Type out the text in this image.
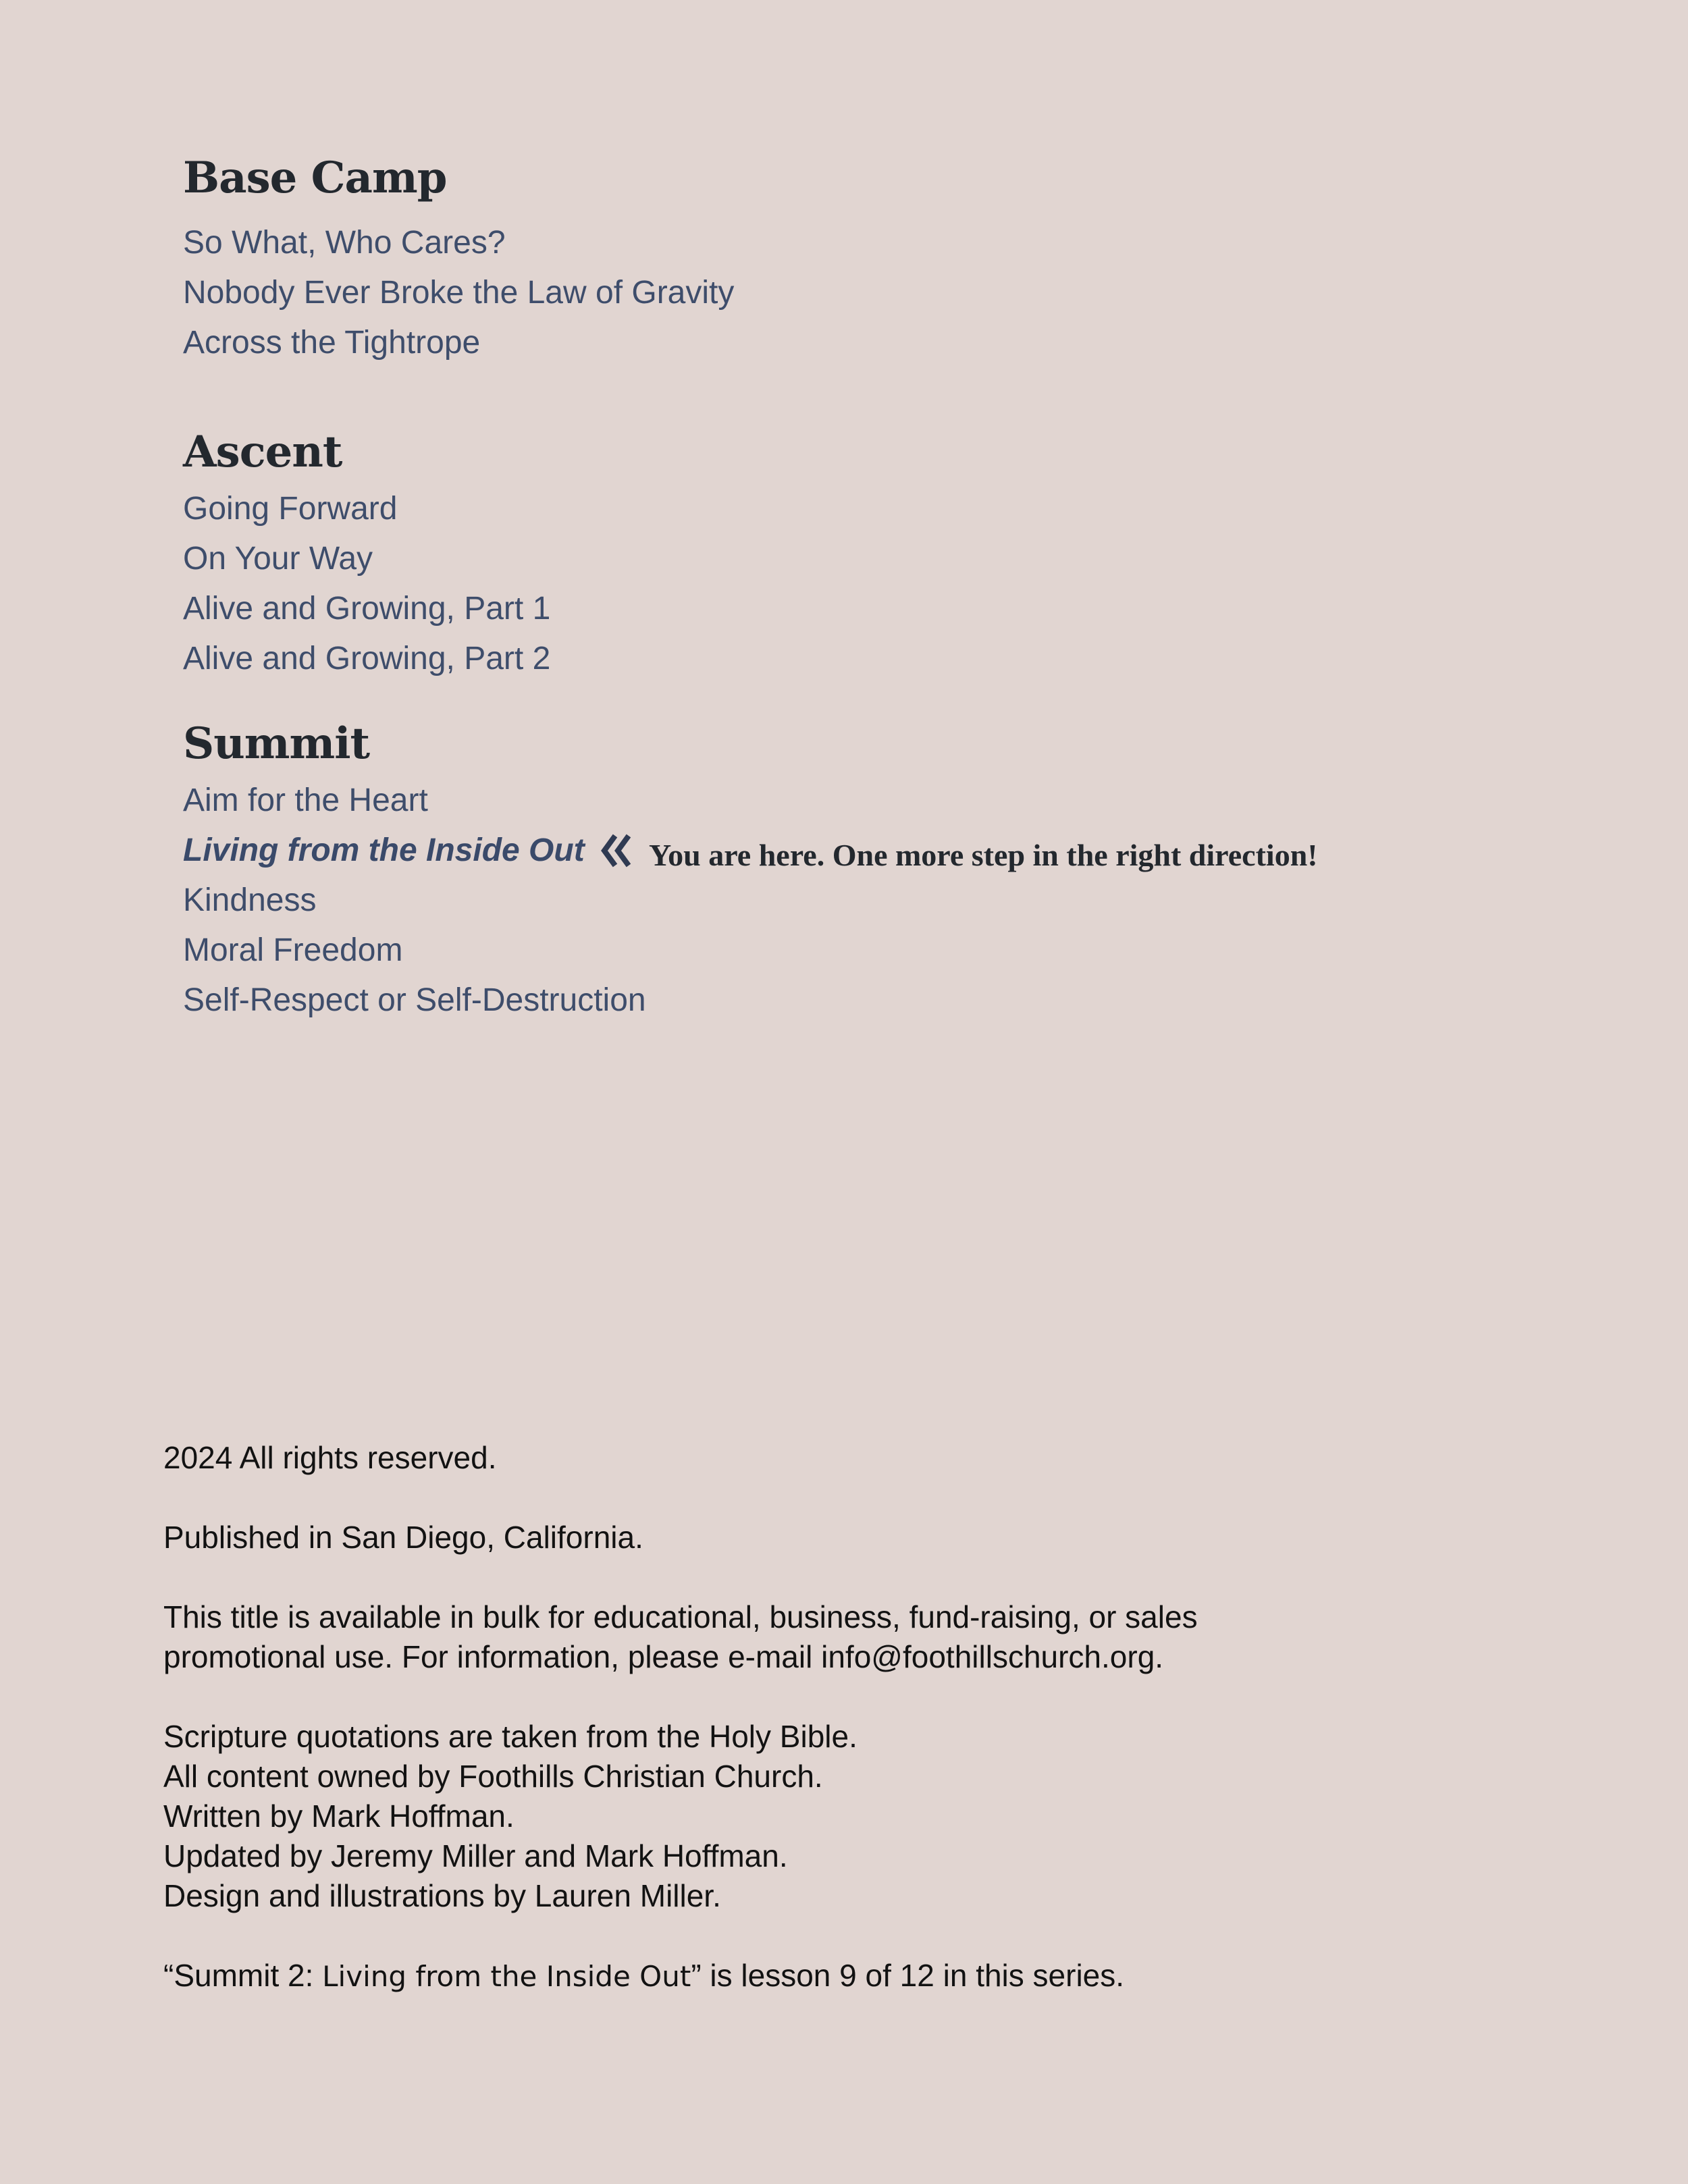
Base Camp
So What, Who Cares?
Nobody Ever Broke the Law of Gravity
Across the Tightrope
Ascent
Going Forward
On Your Way
Alive and Growing, Part 1
Alive and Growing, Part 2
Summit
Aim for the Heart
Living from the Inside Out You are here. One more step in the right direction!
Kindness
Moral Freedom
Self-Respect or Self-Destruction

2024 All rights reserved.

Published in San Diego, California.

This title is available in bulk for educational, business, fund-raising, or sales
promotional use. For information, please e-mail info@foothillschurch.org.

Scripture quotations are taken from the Holy Bible.
All content owned by Foothills Christian Church.
Written by Mark Hoffman.
Updated by Jeremy Miller and Mark Hoffman.
Design and illustrations by Lauren Miller.

“Summit 2: Living from the Inside Out” is lesson 9 of 12 in this series.
